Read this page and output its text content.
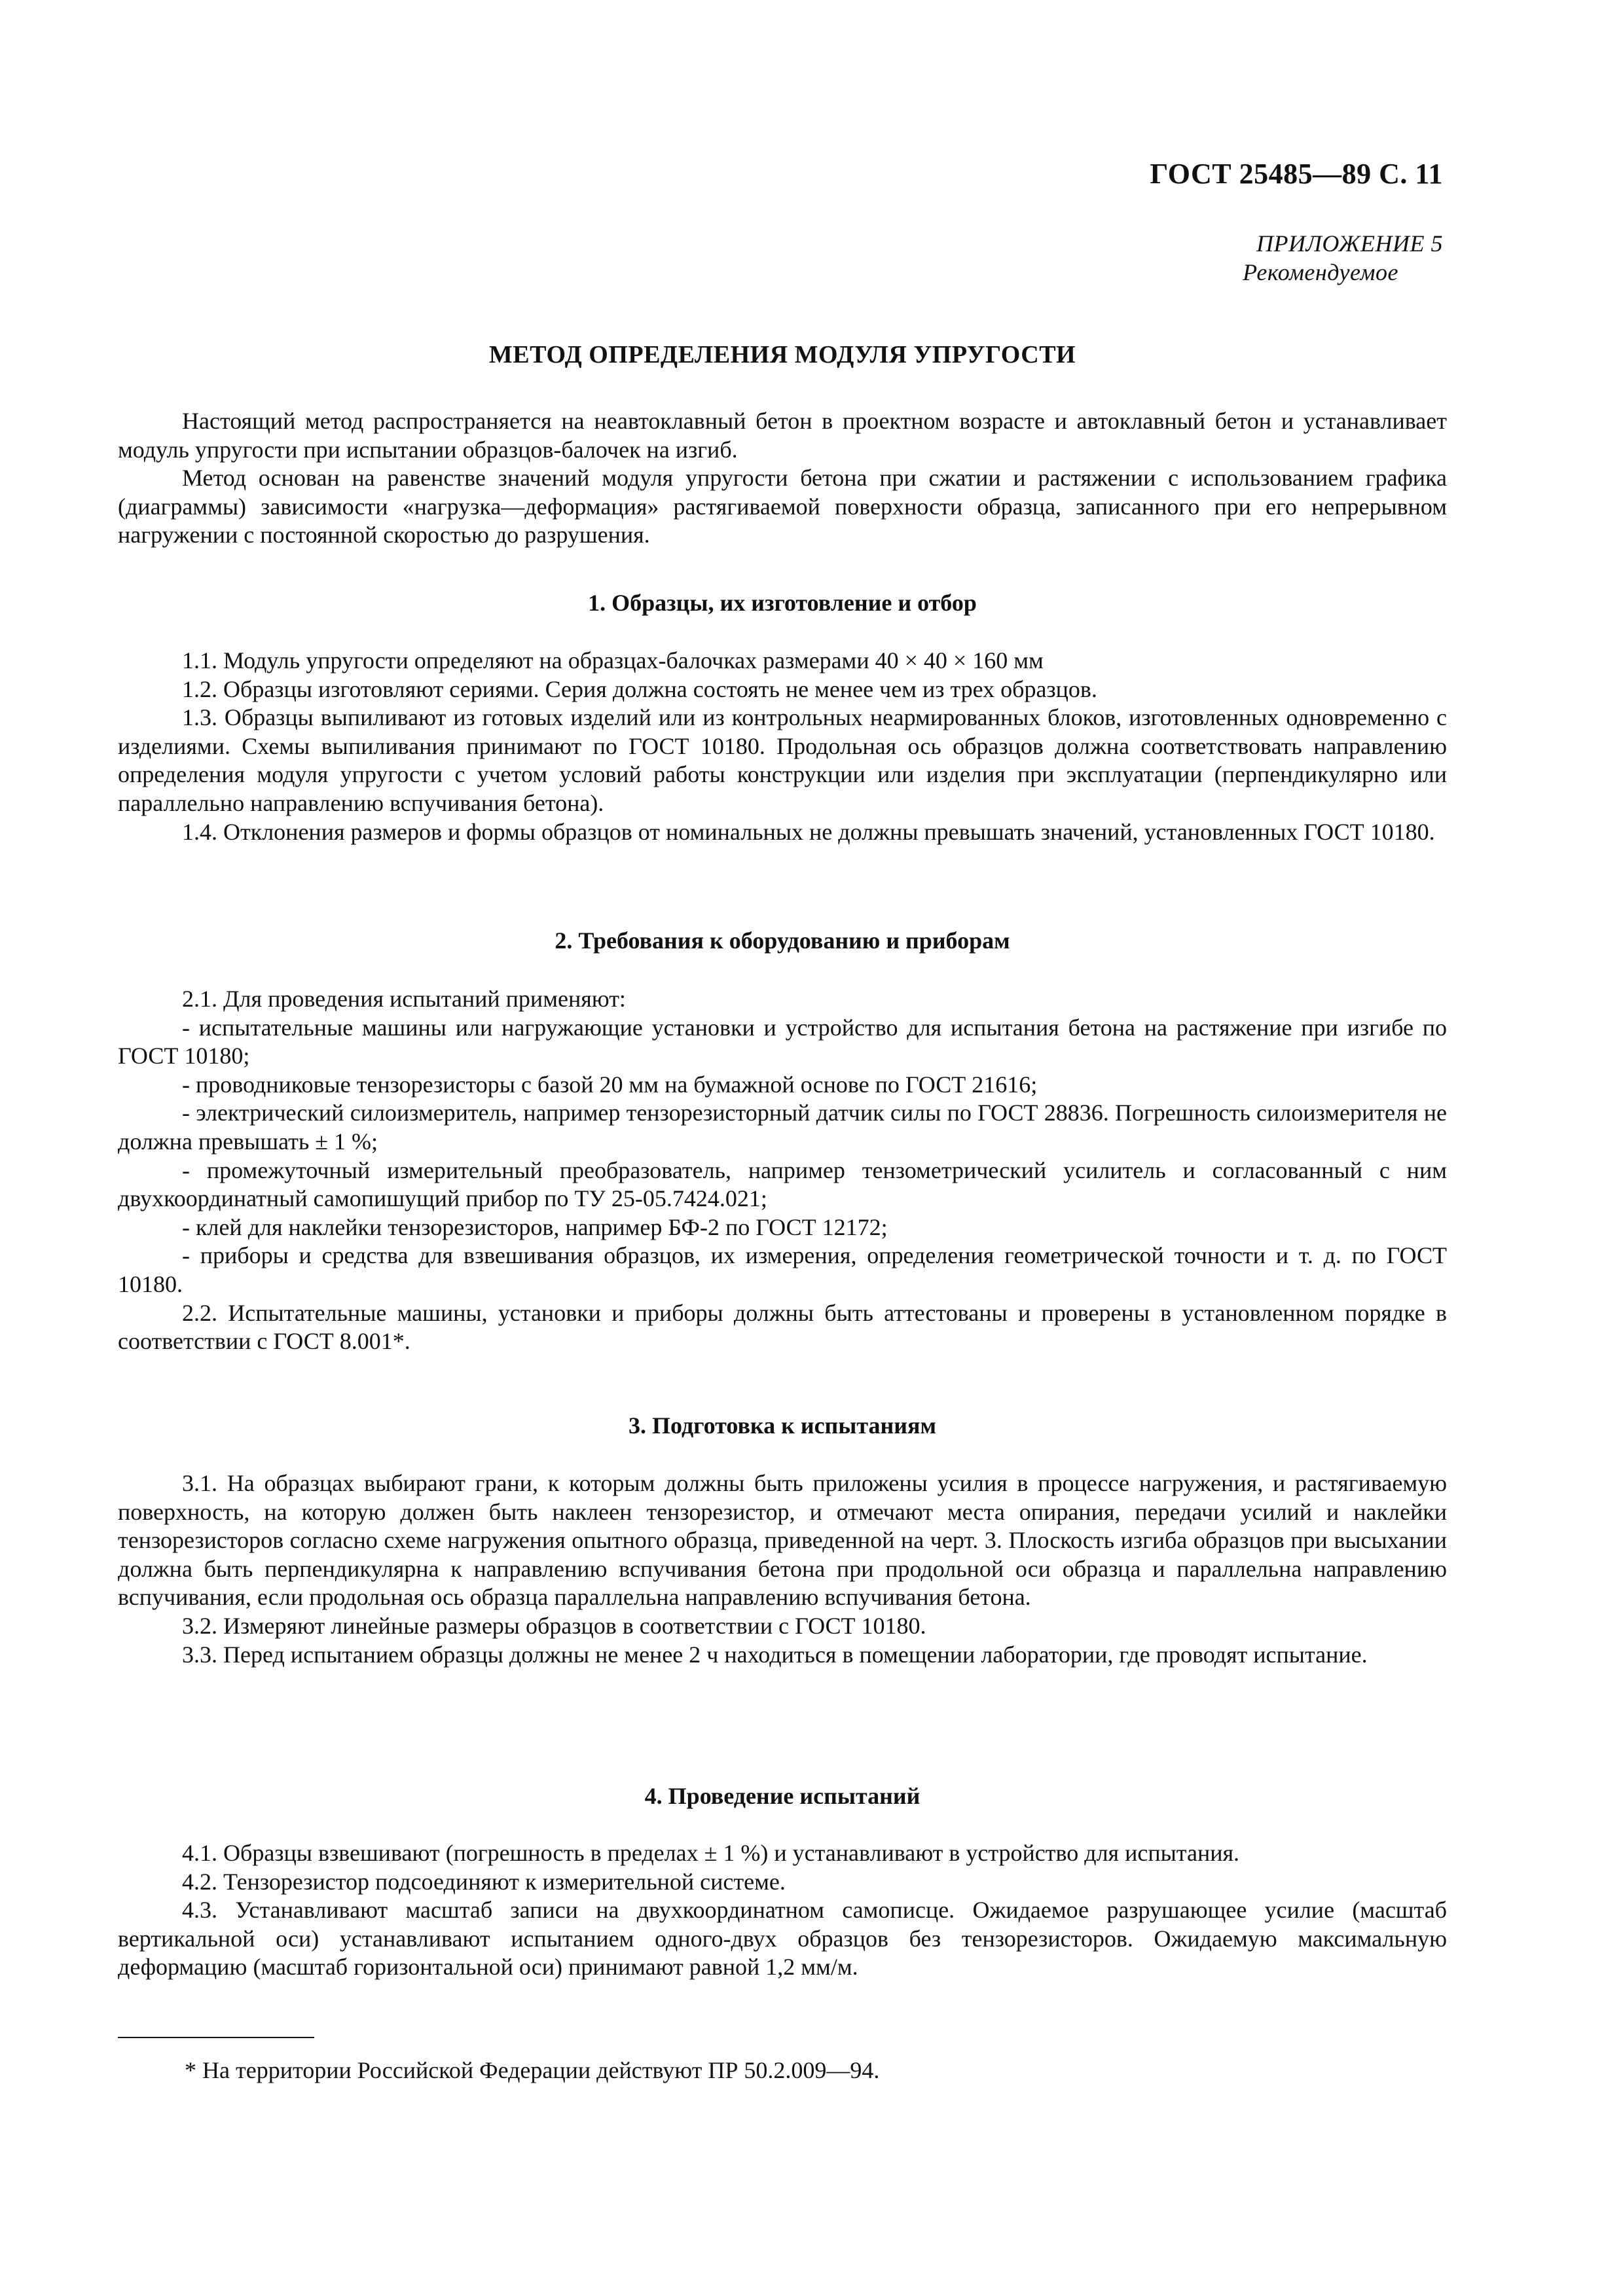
ГОСТ 25485—89 С. 11
ПРИЛОЖЕНИЕ 5
Рекомендуемое
МЕТОД ОПРЕДЕЛЕНИЯ МОДУЛЯ УПРУГОСТИ

Настоящий метод распространяется на неавтоклавный бетон в проектном возрасте и автоклавный бетон и устанавливает модуль упругости при испытании образцов-балочек на изгиб.

Метод основан на равенстве значений модуля упругости бетона при сжатии и растяжении с использованием графика (диаграммы) зависимости «нагрузка—деформация» растягиваемой поверхности образца, записанного при его непрерывном нагружении с постоянной скоростью до разрушения.

1. Образцы, их изготовление и отбор

1.1. Модуль упругости определяют на образцах-балочках размерами 40 × 40 × 160 мм

1.2. Образцы изготовляют сериями. Серия должна состоять не менее чем из трех образцов.

1.3. Образцы выпиливают из готовых изделий или из контрольных неармированных блоков, изготовленных одновременно с изделиями. Схемы выпиливания принимают по ГОСТ 10180. Продольная ось образцов должна соответствовать направлению определения модуля упругости с учетом условий работы конструкции или изделия при эксплуатации (перпендикулярно или параллельно направлению вспучивания бетона).

1.4. Отклонения размеров и формы образцов от номинальных не должны превышать значений, установленных ГОСТ 10180.

2. Требования к оборудованию и приборам

2.1. Для проведения испытаний применяют:

- испытательные машины или нагружающие установки и устройство для испытания бетона на растяжение при изгибе по ГОСТ 10180;

- проводниковые тензорезисторы с базой 20 мм на бумажной основе по ГОСТ 21616;

- электрический силоизмеритель, например тензорезисторный датчик силы по ГОСТ 28836. Погрешность силоизмерителя не должна превышать ± 1 %;

- промежуточный измерительный преобразователь, например тензометрический усилитель и согласованный с ним двухкоординатный самопишущий прибор по ТУ 25-05.7424.021;

- клей для наклейки тензорезисторов, например БФ-2 по ГОСТ 12172;

- приборы и средства для взвешивания образцов, их измерения, определения геометрической точности и т. д. по ГОСТ 10180.

2.2. Испытательные машины, установки и приборы должны быть аттестованы и проверены в установленном порядке в соответствии с ГОСТ 8.001*.

3. Подготовка к испытаниям

3.1. На образцах выбирают грани, к которым должны быть приложены усилия в процессе нагружения, и растягиваемую поверхность, на которую должен быть наклеен тензорезистор, и отмечают места опирания, передачи усилий и наклейки тензорезисторов согласно схеме нагружения опытного образца, приведенной на черт. 3. Плоскость изгиба образцов при высыхании должна быть перпендикулярна к направлению вспучивания бетона при продольной оси образца и параллельна направлению вспучивания, если продольная ось образца параллельна направлению вспучивания бетона.

3.2. Измеряют линейные размеры образцов в соответствии с ГОСТ 10180.

3.3. Перед испытанием образцы должны не менее 2 ч находиться в помещении лаборатории, где проводят испытание.

4. Проведение испытаний

4.1. Образцы взвешивают (погрешность в пределах ± 1 %) и устанавливают в устройство для испытания.

4.2. Тензорезистор подсоединяют к измерительной системе.

4.3. Устанавливают масштаб записи на двухкоординатном самописце. Ожидаемое разрушающее усилие (масштаб вертикальной оси) устанавливают испытанием одного-двух образцов без тензорезисторов. Ожидаемую максимальную деформацию (масштаб горизонтальной оси) принимают равной 1,2 мм/м.

* На территории Российской Федерации действуют ПР 50.2.009—94.
